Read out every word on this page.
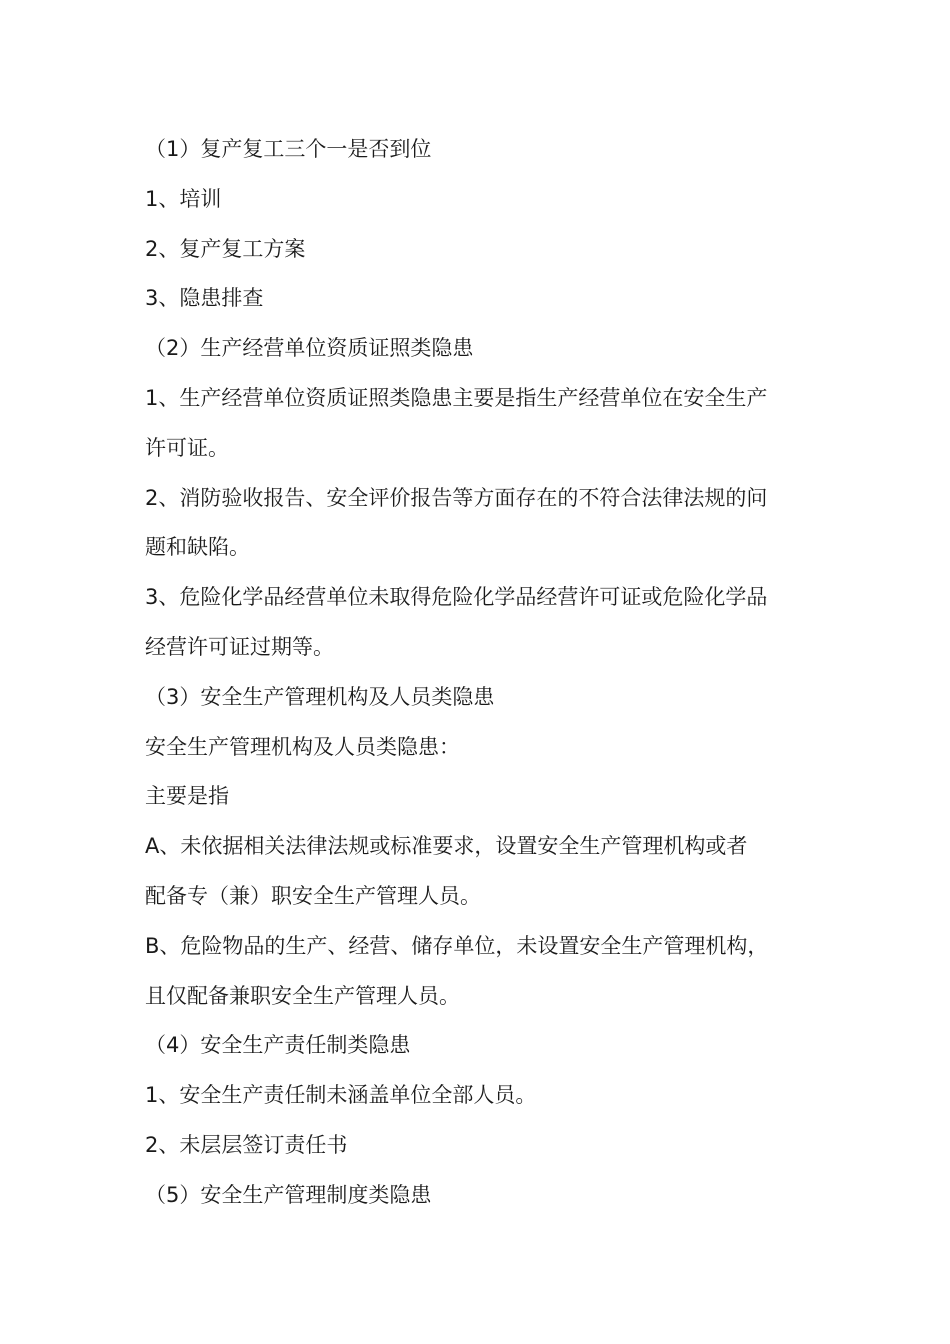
（1）复产复工三个一是否到位
1、培训
2、复产复工方案
3、隐患排查
（2）生产经营单位资质证照类隐患
1、生产经营单位资质证照类隐患主要是指生产经营单位在安全生产
许可证。
2、消防验收报告、安全评价报告等方面存在的不符合法律法规的问
题和缺陷。
3、危险化学品经营单位未取得危险化学品经营许可证或危险化学品
经营许可证过期等。
（3）安全生产管理机构及人员类隐患
安全生产管理机构及人员类隐患：
主要是指
A、未依据相关法律法规或标准要求，设置安全生产管理机构或者
配备专（兼）职安全生产管理人员。
B、危险物品的生产、经营、储存单位，未设置安全生产管理机构，
且仅配备兼职安全生产管理人员。
（4）安全生产责任制类隐患
1、安全生产责任制未涵盖单位全部人员。
2、未层层签订责任书
（5）安全生产管理制度类隐患
